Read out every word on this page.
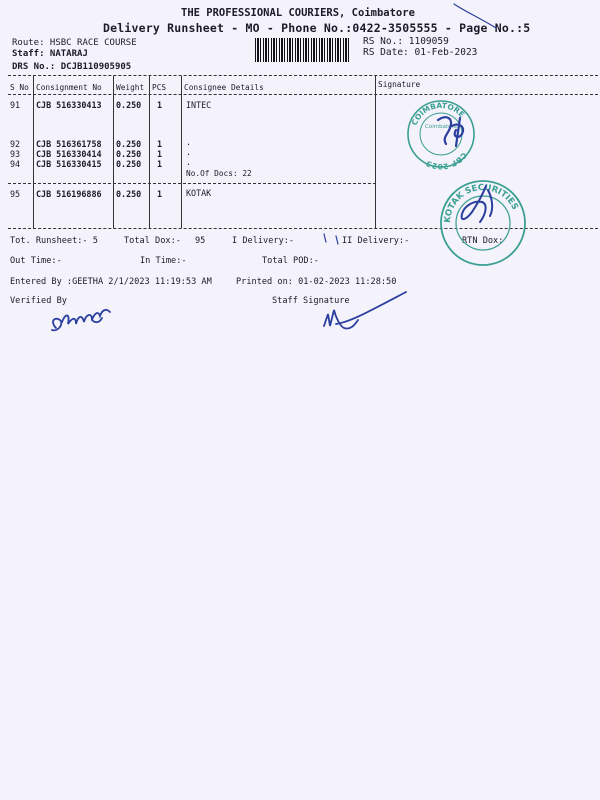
THE PROFESSIONAL COURIERS, Coimbatore
Delivery Runsheet - MO - Phone No.:0422-3505555 - Page No.:5
Route: HSBC RACE COURSE
Staff: NATARAJ
DRS No.: DCJB110905905
RS No.: 1109059
RS Date: 01-Feb-2023
S No Consignment No Weight PCS Consignee Details	Signature
91 CJB 516330413 0.250 1	INTEC
92 CJB 516361758 0.250 1	.
93 CJB 516330414 0.250 1	.
94 CJB 516330415 0.250 1	.
No.Of Docs: 22
95 CJB 516196886 0.250 1	KOTAK
Tot. Runsheet:- 5	Total Dox:- 95	I Delivery:-	II Delivery:-	RTN Dox:
Out Time:-	In Time:-	Total POD:-
Entered By :GEETHA 2/1/2023 11:19:53 AM	Printed on: 01-02-2023 11:28:50
Verified By	Staff Signature
COIMBATORE
CBF 2023
Coimbatore
KOTAK SECURITIES
